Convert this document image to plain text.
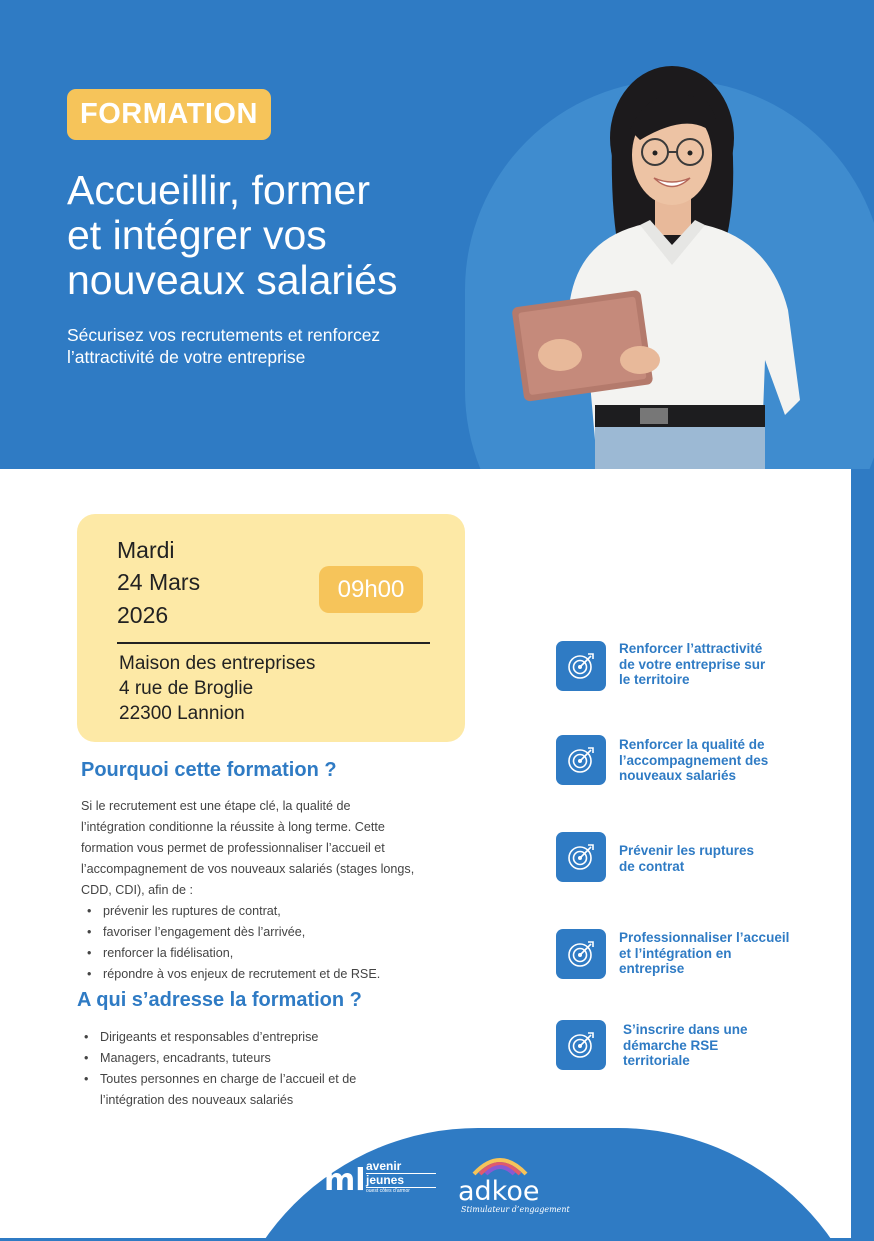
FORMATION
Accueillir, former
et intégrer vos
nouveaux salariés

Sécurisez vos recrutements et renforcez
l’attractivité de votre entreprise

Mardi
24 Mars
2026
09h00
Maison des entreprises
4 rue de Broglie
22300 Lannion
Pourquoi cette formation ?
Si le recrutement est une étape clé, la qualité de
l’intégration conditionne la réussite à long terme. Cette
formation vous permet de professionnaliser l’accueil et
l’accompagnement de vos nouveaux salariés (stages longs,
CDD, CDI), afin de :
• prévenir les ruptures de contrat,
• favoriser l’engagement dès l’arrivée,
• renforcer la fidélisation,
• répondre à vos enjeux de recrutement et de RSE.
A qui s’adresse la formation ?
• Dirigeants et responsables d’entreprise
• Managers, encadrants, tuteurs
• Toutes personnes en charge de l’accueil et de
l’intégration des nouveaux salariés
Renforcer l’attractivité
de votre entreprise sur
le territoire
Renforcer la qualité de
l’accompagnement des
nouveaux salariés
Prévenir les ruptures
de contrat
Professionnaliser l’accueil
et l’intégration en
entreprise
S’inscrire dans une
démarche RSE
territoriale
ml avenir
jeunes
ouest côtes d’armor	adkoe
Stimulateur d’engagement
